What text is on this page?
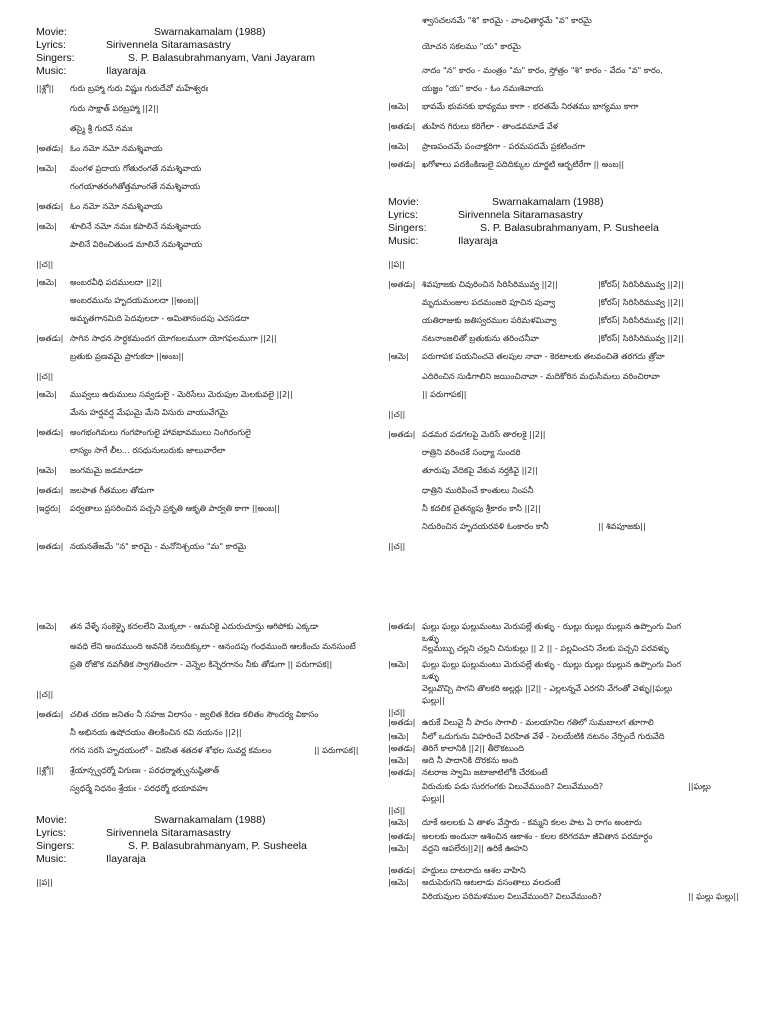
Movie:	Swarnakamalam (1988)
Lyrics:	Sirivennela Sitaramasastry
Singers:	S. P. Balasubrahmanyam, Vani Jayaram
Music:	Ilayaraja
||శ్లో|| గురు బ్రహ్మా గురు విష్ణుః గురుదేవో మహేశ్వరః
గురు సాక్షాత్ పరబ్రహ్మా ||2||
తస్మై శ్రీ గురవే నమః
|అతడు| ఓం నమో నమో నమశ్శివాయ
|ఆమె| మంగళ ప్రదాయ గోతురంగతే నమశ్శివాయ
గంగయాతరంగితోత్తమాంగతే నమశ్శివాయ
|అతడు| ఓం నమో నమో నమశ్శివాయ
|ఆమె| శూలినే నమో నమః కపాలినే నమశ్శివాయ
పాలినే విరించితుండ మాలినే నమశ్శివాయ
||చ||
|ఆమె| అంబరవీధి పదములదా ||2||
అంబరమును హృదయములదా ||అంబ||
అమృతగానమిది పెదవులదా - అమితానందపు ఎదసడదా
|అతడు| సాగిన సాధన సార్ధకమందగ యోగబలముగా యోగఫలముగా ||2||
బ్రతుకు ప్రణవమై ప్రాగుకదా ||అంబ||
||చ||
|ఆమె| మువ్వలు ఉరుములు సవ్వడులై - మెరిసేలు మెరుపుల మెలకువలై ||2||
మేను హర్షవర్ష మేఘమై మేని విసురు వాయువేగమై
|అతడు| అంగభంగిమలు గంగపొంగులై హావభావములు నింగిరంగులై
లాస్యం సాగే లీల... రసధునులురుకు జాలువారేలా
|ఆమె| జంగమమై జడమాడదా
|అతడు| జలపాత గీతముల తోడుగా
|ఇద్దరు| పర్వతాలు ప్రసరించిన పచ్చని ప్రకృతి ఆకృతి పార్వతి కాగా ||అంబ||
|అతడు| నయనతేజమే "న" కారమై - మనోనిశ్చయం "మ" కారమై
శ్వాసచలనమే "శి" కారమై - వాంఛితార్ధమే "వ" కారమై
యోచన సకలము "య" కారమై
నాదం "న" కారం - మంత్రం "మ" కారం, స్తోత్రం "శి" కారం - వేదం "వ" కారం,
యజ్ఞం "య" కారం - ఓం నమఃశివాయ
|ఆమె| భావమే భువనకు భావ్యము కాగా - భరతమే నిరతము భాగ్యము కాగా
|అతడు| తుహిన గిరులు కరిగేలా - తాండవమాడే వేళ
|ఆమె| ప్రాణపంచమే పంచాక్షరిగా - పరమపదమే ప్రకటించగా
|అతడు| ఖగోళాలు పదకింకిణులై పదిదిక్కుల దూర్జటి ఆర్భటిరేగా || అంబ||
Movie:	Swarnakamalam (1988)
Lyrics:	Sirivennela Sitaramasastry
Singers:	S. P. Balasubrahmanyam, P. Susheela
Music:	Ilayaraja
||ప||
|అతడు| శివపూజకు చివురించిన సిరిసిరిమువ్వ ||2||	|కోరస్| సిరిసిరిమువ్వ ||2||
మృదుమంజుల పదమంజరి పూచిన పువ్వా	|కోరస్| సిరిసిరిమువ్వ ||2||
యతిరాజుకు జతిస్వరముల పరిమళమివ్వా	|కోరస్| సిరిసిరిమువ్వ ||2||
నటనాంజలితో బ్రతుకును తరించనీవా	|కోరస్| సిరిసిరిమువ్వ ||2||
|ఆమె| పరుగాపక పయనించవె తలపుల నావా - కెరటాలకు తలవంచితె తరగదు త్రోవా
ఎదిరించిన సుడిగాలిని జయించినావా - మదికోరిన మధుసీమలు వరించిరావా
|| పరుగాపక||
||చ||
|అతడు| పడమర పడగలపై మెరిసే తారలకై ||2||
రాత్రిని వరించకే సంధ్యా సుందరి
తూరుపు వేదికపై వేకువ నర్తకివై ||2||
ధాత్రిని మురిపించే కాంతులు నింపనీ
నీ కదలిక చైతన్యపు శ్రీకారం కానీ ||2||
నిదురించిన హృదయరవళి ఓంకారం కానీ	|| శివపూజకు||
||చ||
|ఆమె| తన వేళ్ళే సంకెళ్ళై కదలలేని మొక్కలా - ఆమనికై ఎదురుచూస్తు ఆగిపోకు ఎక్కడా
అవధి లేని అందముంది అవనికి నలుదిక్కులా - ఆనందపు గంధముంది ఆలకించు మనసుంటే
ప్రతి రోజొక నవగీతిక స్వాగతించగా - వెన్నెల కిన్నెరగానం నీకు తోడుగా || పరుగాపక||
||చ||
|అతడు| చలిత చరణ జనితం నీ సహజ విలాసం - జ్వలిత కిరణ కలితం సౌందర్య వికాసం
నీ అభినయ ఉషోదయం తిలకించిన రవి నయనం ||2||
గగన సరసి హృదయంలో - వికసిత శతదళ శోభల సువర్ణ కమలం	|| పరుగాపక||
||శ్లో|| శ్రేయాన్స్వధర్మో విగుణః - పరధర్మాత్స్వనుష్ఠితాత్
స్వధర్మే నిధనం శ్రేయః - పరధర్మో భయావహః
Movie:	Swarnakamalam (1988)
Lyrics:	Sirivennela Sitaramasastry
Singers:	S. P. Balasubrahmanyam, P. Susheela
Music:	Ilayaraja
||ప||
|అతడు| ఘల్లు ఘల్లు ఘల్లుమంటు మెరుపల్లే తుళ్ళు - ఝల్లు ఝల్లు ఝల్లున ఉప్పొంగు వింగ
ఒళ్ళు
నల్లమబ్బు చల్లని చల్లని చినుకుల్లు || 2 || - పల్లవించని నేలకు పచ్చని పరవళ్ళు
|ఆమె| ఘల్లు ఘల్లు ఘల్లుమంటు మెరుపల్లే తుళ్ళు - ఝల్లు ఝల్లు ఝల్లున ఉప్పొంగు వింగ
ఒళ్ళు
వెల్లువొచ్చి సాగని తొలకరి అల్లర్లు ||2|| - ఎల్లలన్నవే ఎరగని వేగంతో వెళ్ళు||ఘల్లు
ఘల్లు||
||చ||
|అతడు| ఉరుకే విలువై నీ పాదం సాగాలి - మలయానిల గతిలో సుమబాలగ తూగాలి
|ఆమె| నీలో ఒదుగును విహరించే విరహిత వేళే - సెలయేటికి నటనం నేర్పిందే గురువేది
|అతడు| తిరిగే కాలానికి ||2|| తీరొకటుంది
|ఆమె| అది నీ పాదానికి దొరకను అంది
|అతడు| నటరాజ స్వామి జటాజాటిలోకి చేరకుంటే
విరుచుకు పడు సురగంగకు విలువేముంది? విలువేముంది?	||ఘల్లు
ఘల్లు||
||చ||
|ఆమె| దూకే అలలకు ఏ తాళం వేస్తారు - కమ్మని కలల పాట ఏ రాగం అంటారు
|అతడు| అలలకు అందునా ఆశించిన ఆకాశం - కలల కరిగదమా జీవితాన పరమార్ధం
|ఆమె| వద్దని ఆపలేరు||2|| ఉరికే ఊహని
|అతడు| హద్దులు దాటరాదు ఆశల వాహిని
|ఆమె| అదుపెరుగని ఆటలాడు వసంతాలు వలదంటే
విరియవుుల పరిమళముల విలువేముంది? విలువేముంది?	|| ఘల్లు ఘల్లు||
